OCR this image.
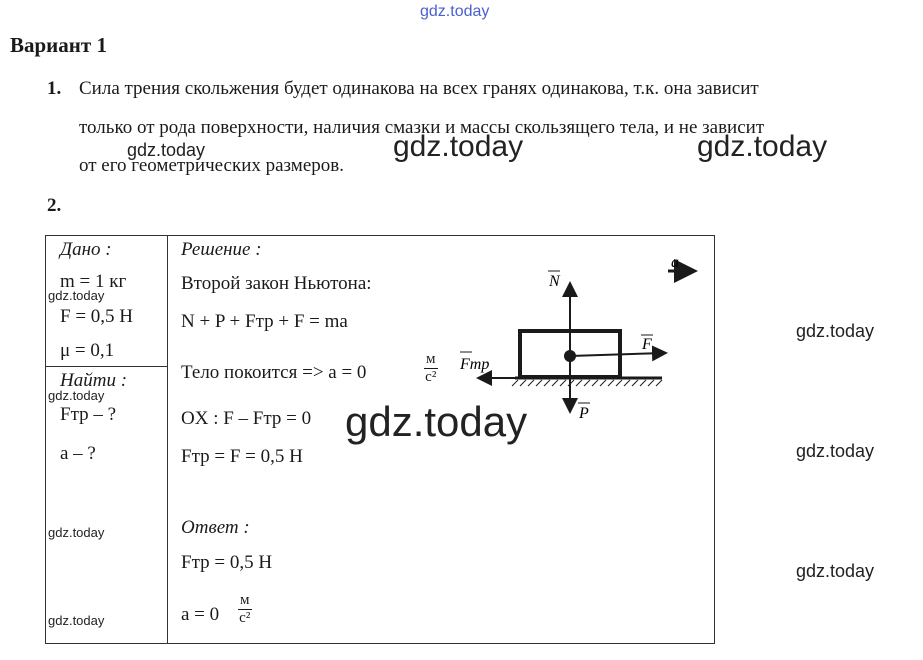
gdz.today
Вариант 1
1. Сила трения скольжения будет одинакова на всех гранях одинакова, т.к. она зависит
только от рода поверхности, наличия смазки и массы скользящего тела, и не зависит
от его геометрических размеров.
gdz.today	gdz.today	gdz.today
2.
Дано :
m = 1 кг
F = 0,5 Н
μ = 0,1
Найти :
Fтр – ?
a – ?
gdz.today
gdz.today
gdz.today
gdz.today
Решение :
Второй закон Ньютона:
N + P + Fтр + F = ma
Тело покоится => a = 0
м
с²
OX : F – Fтр = 0
Fтр = F = 0,5 Н
Ответ :
Fтр = 0,5 Н
a = 0
м
с²
N
P
F
Fтр
a
gdz.today
gdz.today
gdz.today
gdz.today
